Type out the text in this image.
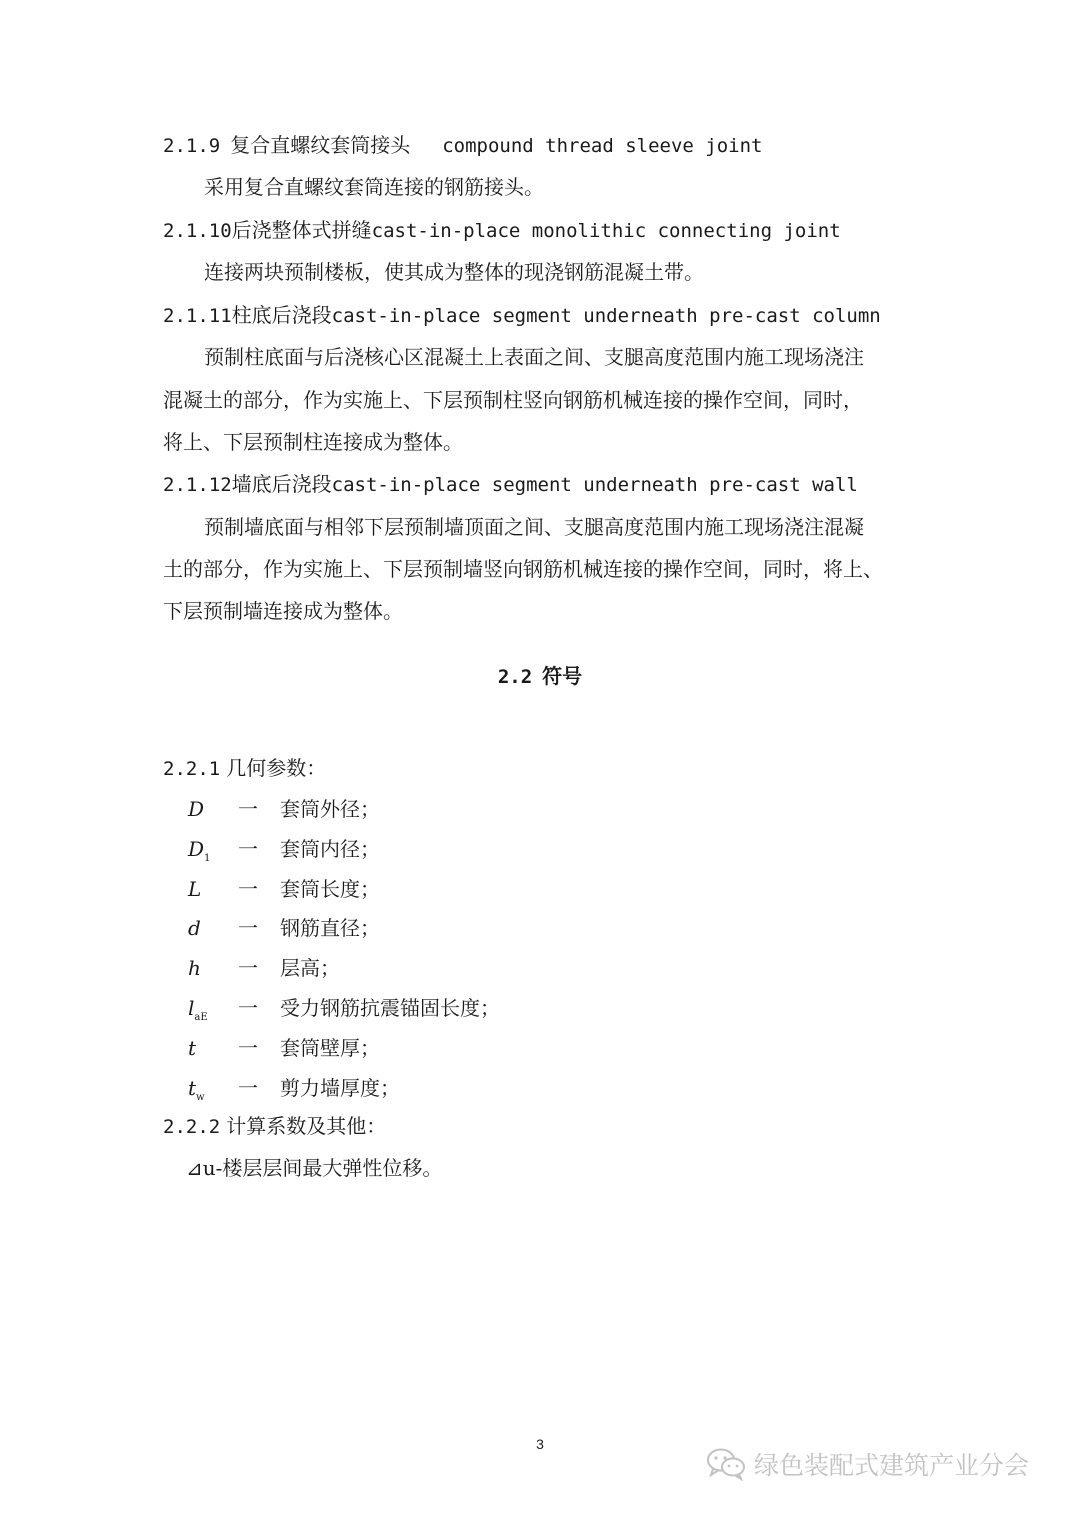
2.1.9 复合直螺纹套筒接头 compound thread sleeve joint
采用复合直螺纹套筒连接的钢筋接头。
2.1.10后浇整体式拼缝cast-in-place monolithic connecting joint
连接两块预制楼板，使其成为整体的现浇钢筋混凝土带。
2.1.11柱底后浇段cast-in-place segment underneath pre-cast column
预制柱底面与后浇核心区混凝土上表面之间、支腿高度范围内施工现场浇注
混凝土的部分，作为实施上、下层预制柱竖向钢筋机械连接的操作空间，同时，
将上、下层预制柱连接成为整体。
2.1.12墙底后浇段cast-in-place segment underneath pre-cast wall
预制墙底面与相邻下层预制墙顶面之间、支腿高度范围内施工现场浇注混凝
土的部分，作为实施上、下层预制墙竖向钢筋机械连接的操作空间，同时，将上、
下层预制墙连接成为整体。
2.2 符号
2.2.1 几何参数：
D 一 套筒外径；
$D_1$ 一 套筒内径；
L 一 套筒长度；
d 一 钢筋直径；
h 一 层高；
$l_{aE}$ 一 受力钢筋抗震锚固长度；
t 一 套筒壁厚；
$t_w$ 一 剪力墙厚度；
2.2.2 计算系数及其他：
⊿u-楼层层间最大弹性位移。
3
绿色装配式建筑产业分会
